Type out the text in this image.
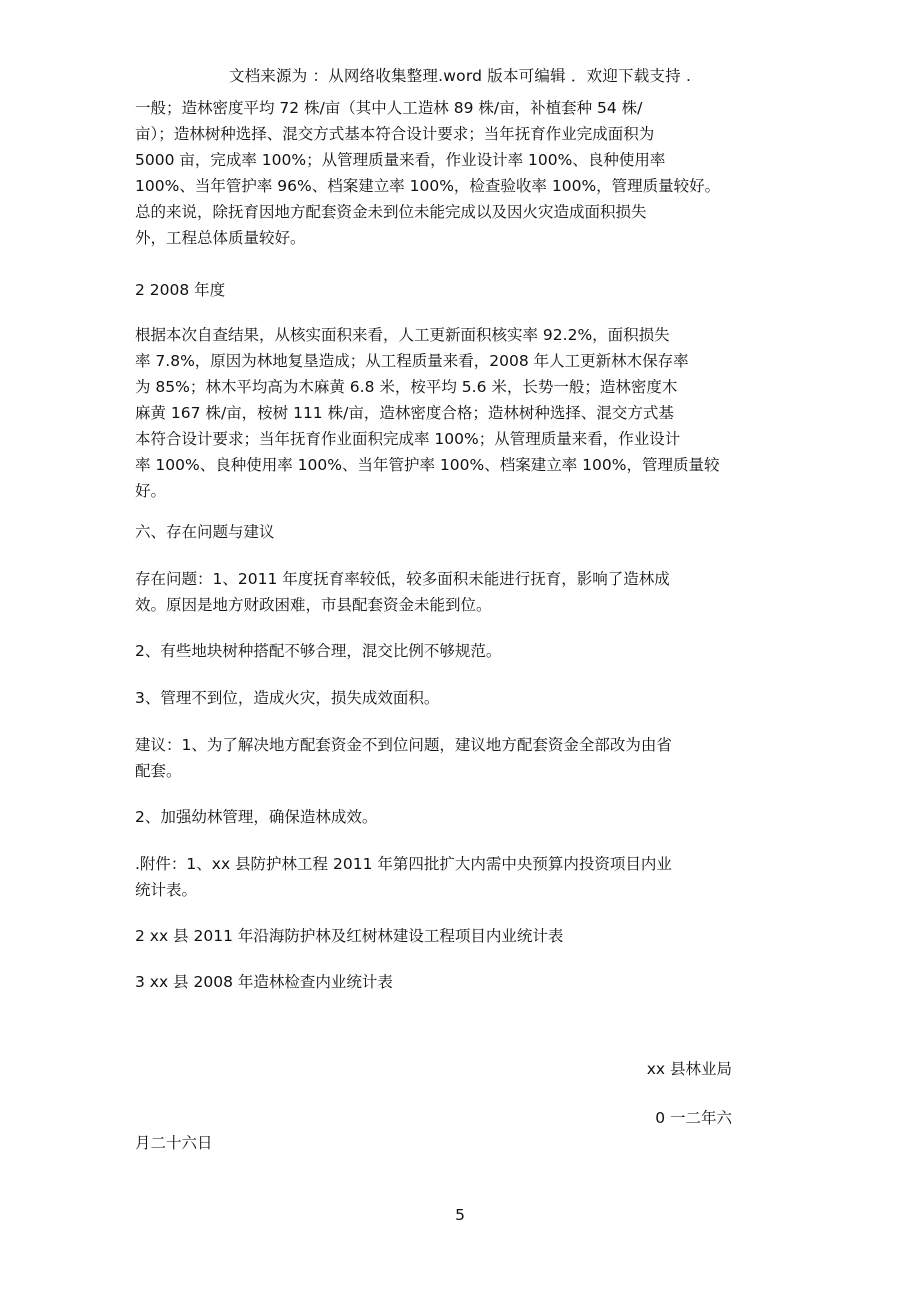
文档来源为 ：从网络收集整理.word 版本可编辑 ．欢迎下载支持 .
一般；造林密度平均 72 株/亩（其中人工造林 89 株/亩，补植套种 54 株/
亩）；造林树种选择、混交方式基本符合设计要求；当年抚育作业完成面积为
5000 亩，完成率 100%；从管理质量来看，作业设计率 100%、良种使用率
100%、当年管护率 96%、档案建立率 100%，检查验收率 100%，管理质量较好。
总的来说，除抚育因地方配套资金未到位未能完成以及因火灾造成面积损失
外，工程总体质量较好。
2 2008 年度
根据本次自查结果，从核实面积来看，人工更新面积核实率 92.2%，面积损失
率 7.8%，原因为林地复垦造成；从工程质量来看，2008 年人工更新林木保存率
为 85%；林木平均高为木麻黄 6.8 米，桉平均 5.6 米，长势一般；造林密度木
麻黄 167 株/亩，桉树 111 株/亩，造林密度合格；造林树种选择、混交方式基
本符合设计要求；当年抚育作业面积完成率 100%；从管理质量来看，作业设计
率 100%、良种使用率 100%、当年管护率 100%、档案建立率 100%，管理质量较
好。
六、存在问题与建议
存在问题：1、2011 年度抚育率较低，较多面积未能进行抚育，影响了造林成
效。原因是地方财政困难，市县配套资金未能到位。
2、有些地块树种搭配不够合理，混交比例不够规范。
3、管理不到位，造成火灾，损失成效面积。
建议：1、为了解决地方配套资金不到位问题，建议地方配套资金全部改为由省
配套。
2、加强幼林管理，确保造林成效。
.附件：1、xx 县防护林工程 2011 年第四批扩大内需中央预算内投资项目内业
统计表。
2 xx 县 2011 年沿海防护林及红树林建设工程项目内业统计表
3 xx 县 2008 年造林检查内业统计表
xx 县林业局
0 一二年六
月二十六日
5
